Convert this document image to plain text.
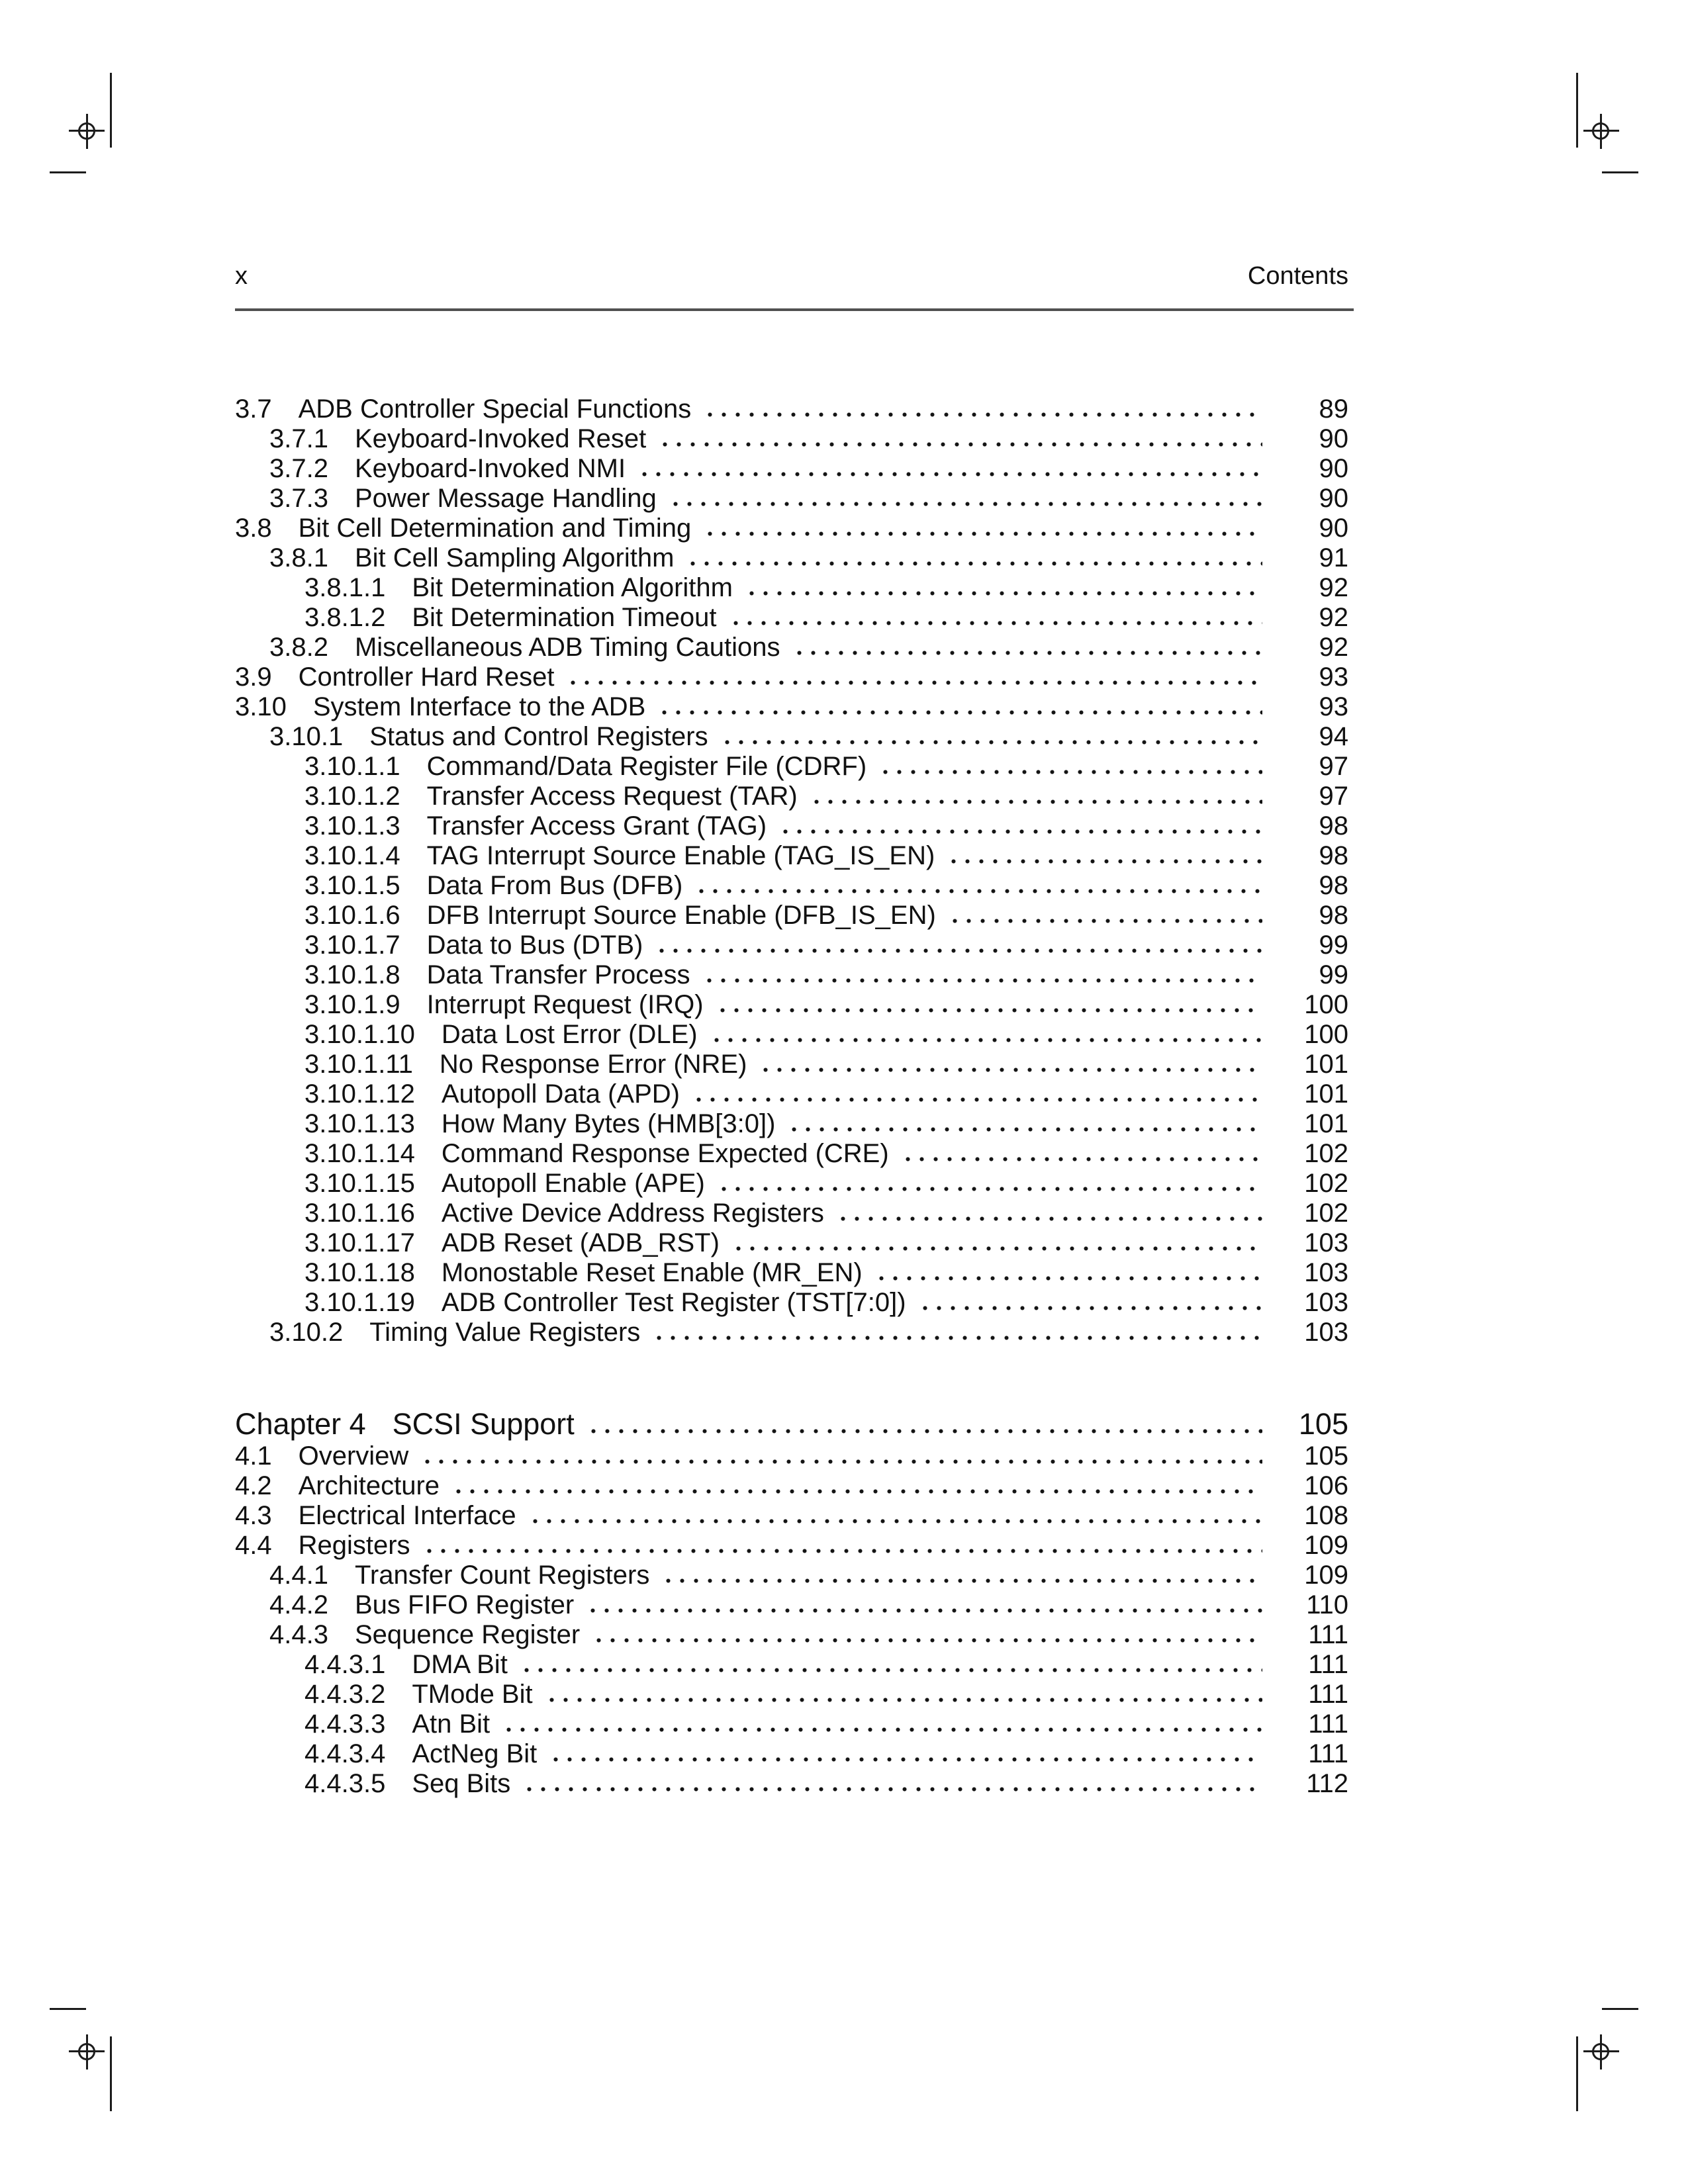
x	Contents
3.7 ADB Controller Special Functions	89
3.7.1 Keyboard-Invoked Reset	90
3.7.2 Keyboard-Invoked NMI	90
3.7.3 Power Message Handling	90
3.8 Bit Cell Determination and Timing	90
3.8.1 Bit Cell Sampling Algorithm	91
3.8.1.1 Bit Determination Algorithm	92
3.8.1.2 Bit Determination Timeout	92
3.8.2 Miscellaneous ADB Timing Cautions	92
3.9 Controller Hard Reset	93
3.10 System Interface to the ADB	93
3.10.1 Status and Control Registers	94
3.10.1.1 Command/Data Register File (CDRF)	97
3.10.1.2 Transfer Access Request (TAR)	97
3.10.1.3 Transfer Access Grant (TAG)	98
3.10.1.4 TAG Interrupt Source Enable (TAG_IS_EN)	98
3.10.1.5 Data From Bus (DFB)	98
3.10.1.6 DFB Interrupt Source Enable (DFB_IS_EN)	98
3.10.1.7 Data to Bus (DTB)	99
3.10.1.8 Data Transfer Process	99
3.10.1.9 Interrupt Request (IRQ)	100
3.10.1.10 Data Lost Error (DLE)	100
3.10.1.11 No Response Error (NRE)	101
3.10.1.12 Autopoll Data (APD)	101
3.10.1.13 How Many Bytes (HMB[3:0])	101
3.10.1.14 Command Response Expected (CRE)	102
3.10.1.15 Autopoll Enable (APE)	102
3.10.1.16 Active Device Address Registers	102
3.10.1.17 ADB Reset (ADB_RST)	103
3.10.1.18 Monostable Reset Enable (MR_EN)	103
3.10.1.19 ADB Controller Test Register (TST[7:0])	103
3.10.2 Timing Value Registers	103
Chapter 4 SCSI Support	105
4.1 Overview	105
4.2 Architecture	106
4.3 Electrical Interface	108
4.4 Registers	109
4.4.1 Transfer Count Registers	109
4.4.2 Bus FIFO Register	110
4.4.3 Sequence Register	111
4.4.3.1 DMA Bit	111
4.4.3.2 TMode Bit	111
4.4.3.3 Atn Bit	111
4.4.3.4 ActNeg Bit	111
4.4.3.5 Seq Bits	112
